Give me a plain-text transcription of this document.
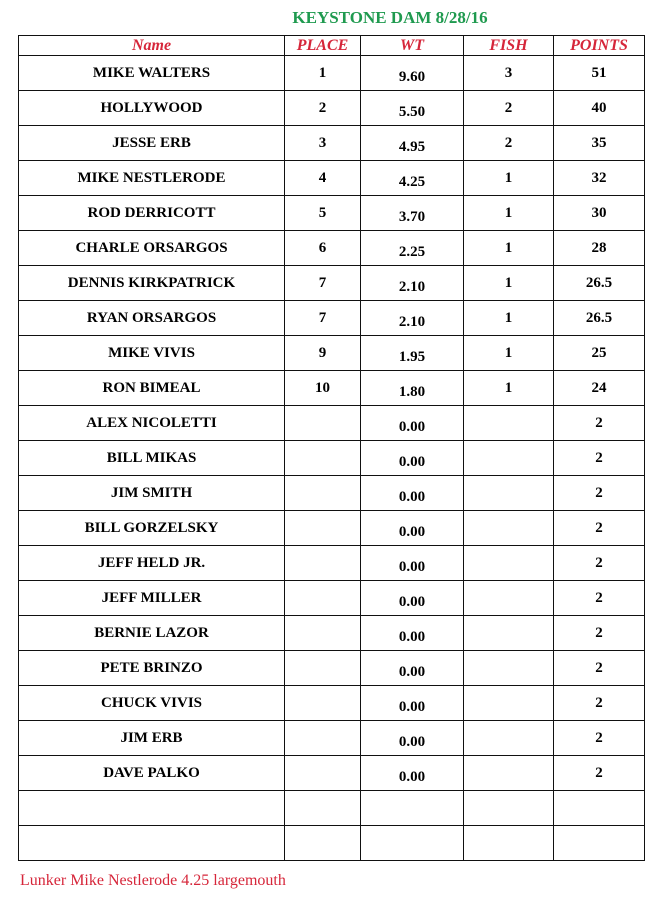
KEYSTONE DAM 8/28/16
Name	PLACE	WT	FISH	POINTS
MIKE WALTERS	1	9.60	3	51
HOLLYWOOD	2	5.50	2	40
JESSE ERB	3	4.95	2	35
MIKE NESTLERODE	4	4.25	1	32
ROD DERRICOTT	5	3.70	1	30
CHARLE ORSARGOS	6	2.25	1	28
DENNIS KIRKPATRICK	7	2.10	1	26.5
RYAN ORSARGOS	7	2.10	1	26.5
MIKE VIVIS	9	1.95	1	25
RON BIMEAL	10	1.80	1	24
ALEX NICOLETTI		0.00		2
BILL MIKAS		0.00		2
JIM SMITH		0.00		2
BILL GORZELSKY		0.00		2
JEFF HELD JR.		0.00		2
JEFF MILLER		0.00		2
BERNIE LAZOR		0.00		2
PETE BRINZO		0.00		2
CHUCK VIVIS		0.00		2
JIM ERB		0.00		2
DAVE PALKO		0.00		2

Lunker Mike Nestlerode 4.25 largemouth
